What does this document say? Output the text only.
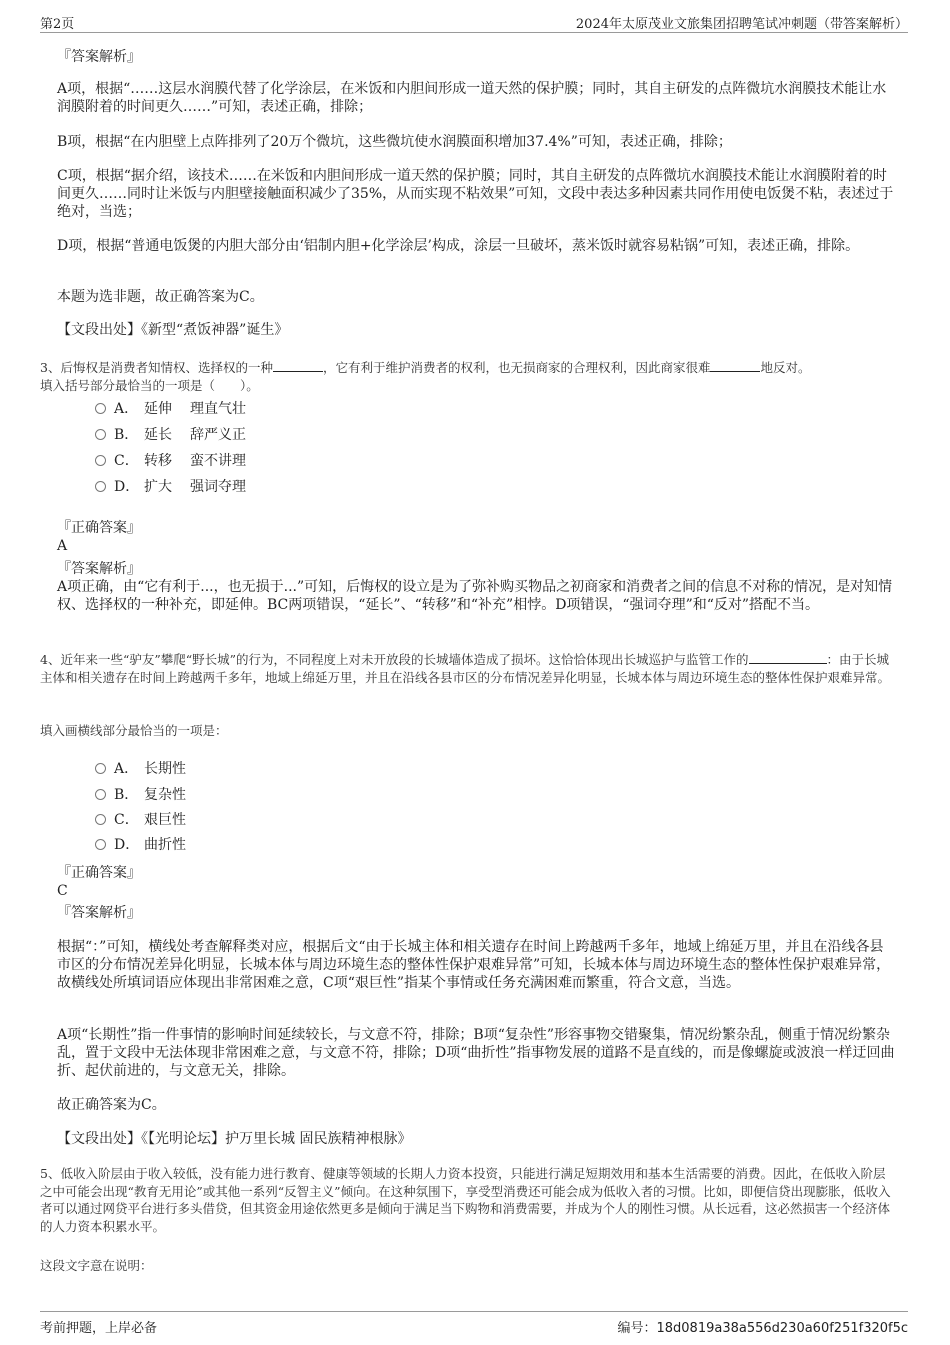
第2页	2024年太原茂业文旅集团招聘笔试冲刺题（带答案解析）
『答案解析』
A项，根据“……这层水润膜代替了化学涂层，在米饭和内胆间形成一道天然的保护膜；同时，其自主研发的点阵微坑水润膜技术能让水润膜附着的时间更久……”可知，表述正确，排除；
B项，根据“在内胆壁上点阵排列了20万个微坑，这些微坑使水润膜面积增加37.4%”可知，表述正确，排除；
C项，根据“据介绍，该技术……在米饭和内胆间形成一道天然的保护膜；同时，其自主研发的点阵微坑水润膜技术能让水润膜附着的时间更久……同时让米饭与内胆壁接触面积减少了35%，从而实现不粘效果”可知，文段中表达多种因素共同作用使电饭煲不粘，表述过于绝对，当选；
D项，根据“普通电饭煲的内胆大部分由‘铝制内胆+化学涂层’构成，涂层一旦破坏，蒸米饭时就容易粘锅”可知，表述正确，排除。
本题为选非题，故正确答案为C。
【文段出处】《新型“煮饭神器”诞生》
3、后悔权是消费者知情权、选择权的一种	，它有利于维护消费者的权利，也无损商家的合理权利，因此商家很难	地反对。
填入括号部分最恰当的一项是（　　）。
A． 延伸 理直气壮
B． 延长 辞严义正
C． 转移 蛮不讲理
D． 扩大 强词夺理
『正确答案』
A
『答案解析』
A项正确，由“它有利于...，也无损于...”可知，后悔权的设立是为了弥补购买物品之初商家和消费者之间的信息不对称的情况，是对知情权、选择权的一种补充，即延伸。BC两项错误，“延长”、“转移”和“补充”相悖。D项错误，“强词夺理”和“反对”搭配不当。
4、近年来一些“驴友”攀爬“野长城”的行为，不同程度上对未开放段的长城墙体造成了损坏。这恰恰体现出长城巡护与监管工作的	：由于长城主体和相关遗存在时间上跨越两千多年，地域上绵延万里，并且在沿线各县市区的分布情况差异化明显，长城本体与周边环境生态的整体性保护艰难异常。
填入画横线部分最恰当的一项是：
A． 长期性
B． 复杂性
C． 艰巨性
D． 曲折性
『正确答案』
C
『答案解析』
根据“：”可知，横线处考查解释类对应，根据后文“由于长城主体和相关遗存在时间上跨越两千多年，地域上绵延万里，并且在沿线各县市区的分布情况差异化明显，长城本体与周边环境生态的整体性保护艰难异常”可知，长城本体与周边环境生态的整体性保护艰难异常，故横线处所填词语应体现出非常困难之意，C项“艰巨性”指某个事情或任务充满困难而繁重，符合文意，当选。
A项“长期性”指一件事情的影响时间延续较长，与文意不符，排除；B项“复杂性”形容事物交错聚集，情况纷繁杂乱，侧重于情况纷繁杂乱，置于文段中无法体现非常困难之意，与文意不符，排除；D项“曲折性”指事物发展的道路不是直线的，而是像螺旋或波浪一样迂回曲折、起伏前进的，与文意无关，排除。
故正确答案为C。
【文段出处】《【光明论坛】护万里长城 固民族精神根脉》
5、低收入阶层由于收入较低，没有能力进行教育、健康等领域的长期人力资本投资，只能进行满足短期效用和基本生活需要的消费。因此，在低收入阶层之中可能会出现“教育无用论”或其他一系列“反智主义”倾向。在这种氛围下，享受型消费还可能会成为低收入者的习惯。比如，即便信贷出现膨胀，低收入者可以通过网贷平台进行多头借贷，但其资金用途依然更多是倾向于满足当下购物和消费需要，并成为个人的刚性习惯。从长远看，这必然损害一个经济体的人力资本积累水平。
这段文字意在说明：
考前押题，上岸必备	编号：18d0819a38a556d230a60f251f320f5c
